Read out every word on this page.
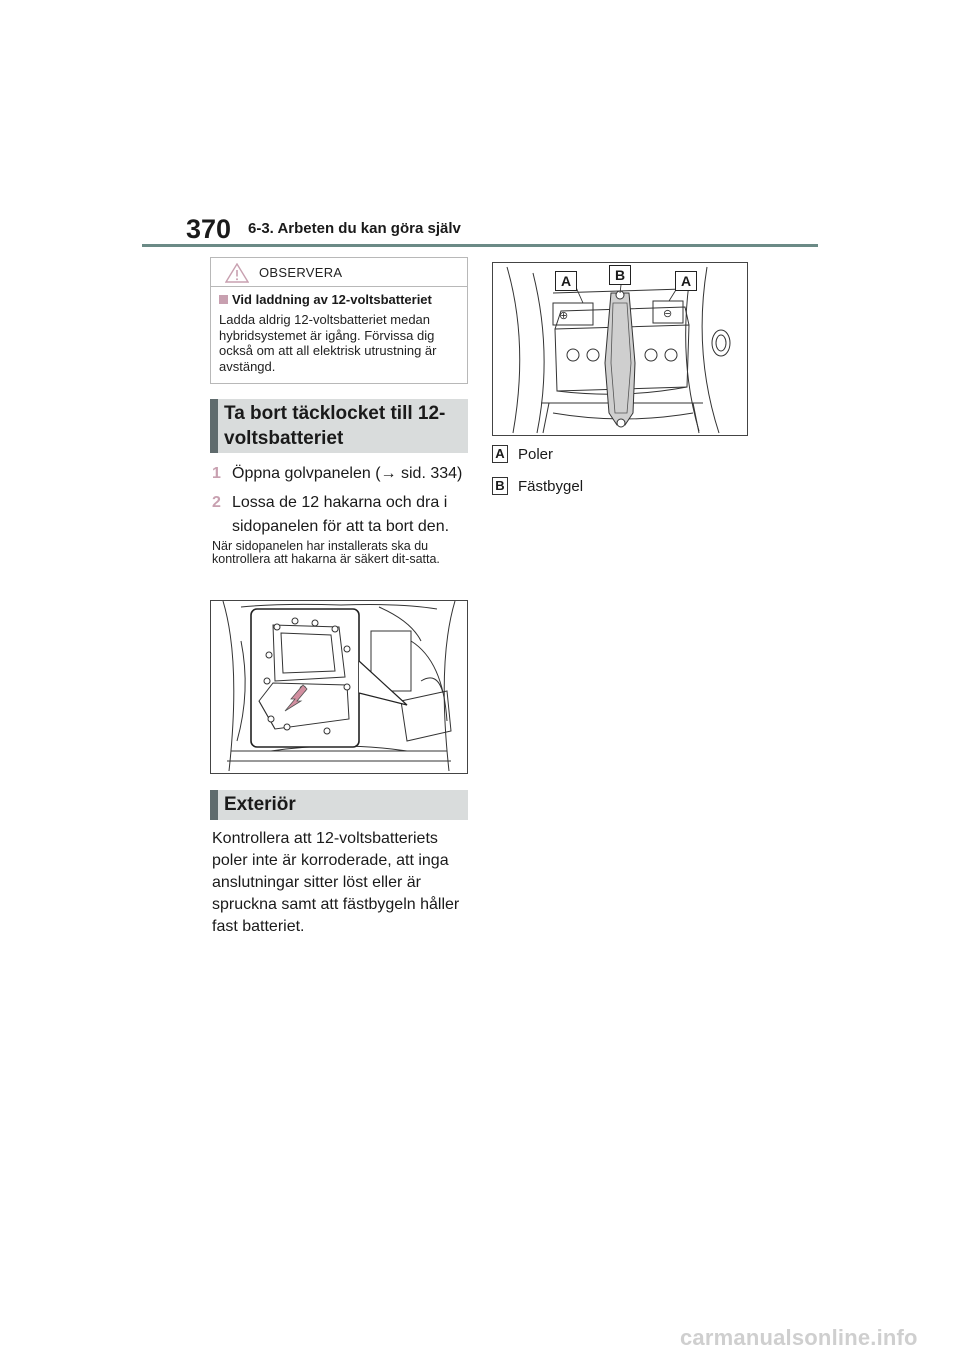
370 6-3. Arbeten du kan göra själv
OBSERVERA
Vid laddning av 12-voltsbatteriet
Ladda aldrig 12-voltsbatteriet medan hybridsystemet är igång. Förvissa dig också om att all elektrisk utrustning är avstängd.
Ta bort täcklocket till 12-
voltsbatteriet
1 Öppna golvpanelen (→ sid. 334)
2 Lossa de 12 hakarna och dra i sidopanelen för att ta bort den.
När sidopanelen har installerats ska du kontrollera att hakarna är säkert dit-satta.
Exteriör
Kontrollera att 12-voltsbatteriets poler inte är korroderade, att inga anslutningar sitter löst eller är spruckna samt att fästbygeln håller fast batteriet.
⊕	⊖
A	B	A
A Poler
B Fästbygel
carmanualsonline.info
